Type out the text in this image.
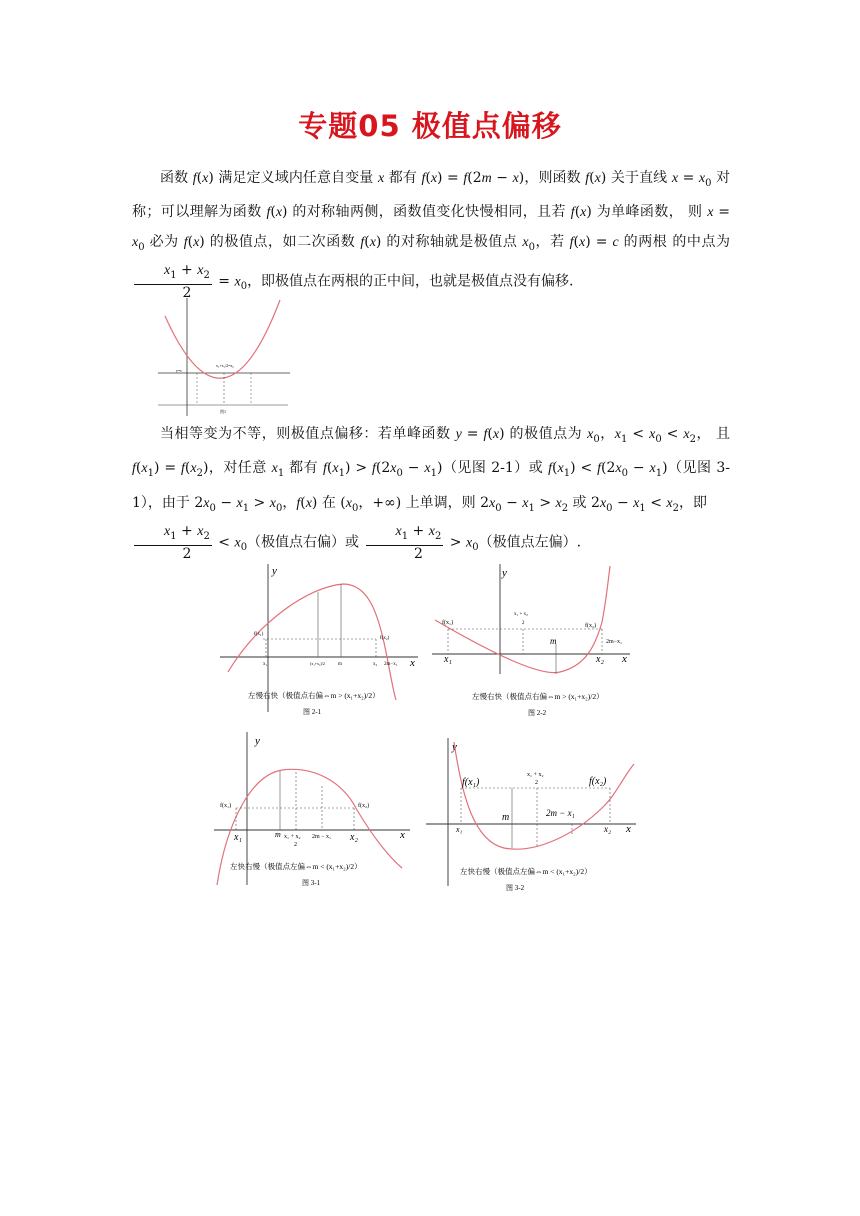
专题05 极值点偏移
函数 f(x) 满足定义域内任意自变量 x 都有 f(x) = f(2m − x)，则函数 f(x) 关于直线 $x = x_0$ 对称；可以理解为函数 f(x) 的对称轴两侧，函数值变化快慢相同，且若 f(x) 为单峰函数， 则 $x = x_0$ 必为 f(x) 的极值点，如二次函数 f(x) 的对称轴就是极值点 $x_0$，若 f(x) = c 的两根 的中点为
$\frac{x_1 + x_2}{2} = x_0$，即极值点在两根的正中间，也就是极值点没有偏移.
x₁+x₂/2=x₀
y=c
图1
当相等变为不等，则极值点偏移：若单峰函数 y = f(x) 的极值点为 $x_0$，$x_1 < x_0 < x_2$， 且 $f(x_1) = f(x_2)$，对任意 $x_1$ 都有 $f(x_1) > f(2x_0 - x_1)$（见图 2-1）或 $f(x_1) < f(2x_0 - x_1)$（见图 3-1），由于 $2x_0 - x_1 > x_0$，f(x) 在 ($x_0$，+∞) 上单调，则 $2x_0 - x_1 > x_2$ 或 $2x_0 - x_1 < x_2$，即

$\frac{x_1 + x_2}{2} < x_0$（极值点右偏）或 $\frac{x_1 + x_2}{2} > x_0$（极值点左偏）.
y
x
f(x₁)
f(x₂)
x₁	(x₁+x₂)/2	m	x₂ 2m−x₁
左慢右快（极值点右偏⇔m > (x₁+x₂)/2）
图 2-1
y
x
f(x₁)	f(x₂)
x₁ + x₂
2
m
x₁	x₂
2m−x₁
左慢右快（极值点右偏⇔m > (x₁+x₂)/2）
图 2-2
y
x
f(x₁)	f(x₂)
x₁	m x₁ + x₂
2
2m − x₁ x₂
左快右慢（极值点左偏⇔m < (x₁+x₂)/2）
图 3-1
y
x
f(x₁)	f(x₂)
x₁ + x₂
2
m	2m − x₁
x₁	x₂
左快右慢（极值点左偏⇔m < (x₁+x₂)/2）
图 3-2
